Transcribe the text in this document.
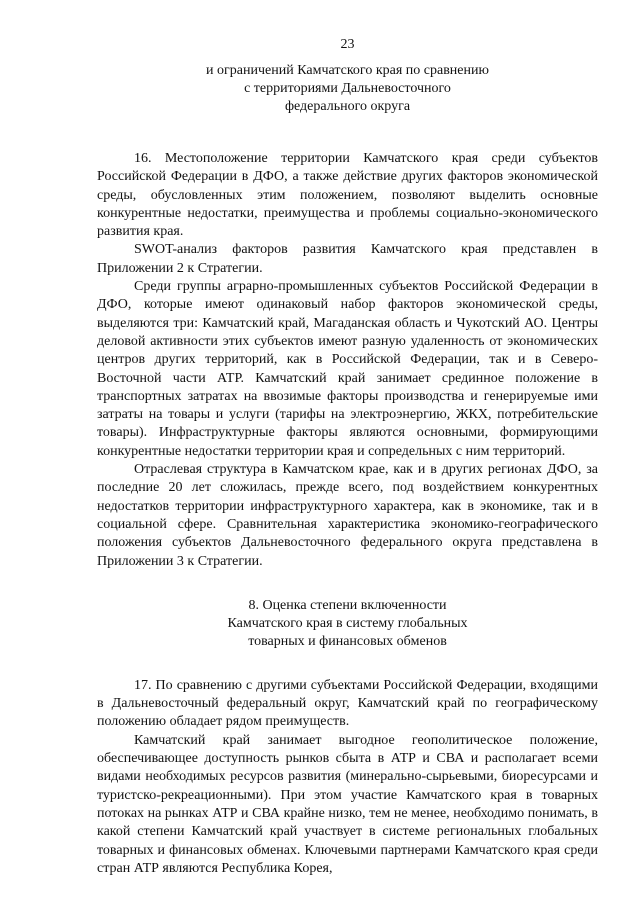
23
и ограничений Камчатского края по сравнению
с территориями Дальневосточного
федерального округа

16. Местоположение территории Камчатского края среди субъектов Российской Федерации в ДФО, а также действие других факторов экономической среды, обусловленных этим положением, позволяют выделить основные конкурентные недостатки, преимущества и проблемы социально-экономического развития края.

SWOT-анализ факторов развития Камчатского края представлен в Приложении 2 к Стратегии.

Среди группы аграрно-промышленных субъектов Российской Федерации в ДФО, которые имеют одинаковый набор факторов экономической среды, выделяются три: Камчатский край, Магаданская область и Чукотский АО. Центры деловой активности этих субъектов имеют разную удаленность от экономических центров других территорий, как в Российской Федерации, так и в Северо-Восточной части АТР. Камчатский край занимает срединное положение в транспортных затратах на ввозимые факторы производства и генерируемые ими затраты на товары и услуги (тарифы на электроэнергию, ЖКХ, потребительские товары). Инфраструктурные факторы являются основными, формирующими конкурентные недостатки территории края и сопредельных с ним территорий.

Отраслевая структура в Камчатском крае, как и в других регионах ДФО, за последние 20 лет сложилась, прежде всего, под воздействием конкурентных недостатков территории инфраструктурного характера, как в экономике, так и в социальной сфере. Сравнительная характеристика экономико-географического положения субъектов Дальневосточного федерального округа представлена в Приложении 3 к Стратегии.

8. Оценка степени включенности
Камчатского края в систему глобальных
товарных и финансовых обменов

17. По сравнению с другими субъектами Российской Федерации, входящими в Дальневосточный федеральный округ, Камчатский край по географическому положению обладает рядом преимуществ.

Камчатский край занимает выгодное геополитическое положение, обеспечивающее доступность рынков сбыта в АТР и СВА и располагает всеми видами необходимых ресурсов развития (минерально-сырьевыми, биоресурсами и туристско-рекреационными). При этом участие Камчатского края в товарных потоках на рынках АТР и СВА крайне низко, тем не менее, необходимо понимать, в какой степени Камчатский край участвует в системе региональных глобальных товарных и финансовых обменах. Ключевыми партнерами Камчатского края среди стран АТР являются Республика Корея,
